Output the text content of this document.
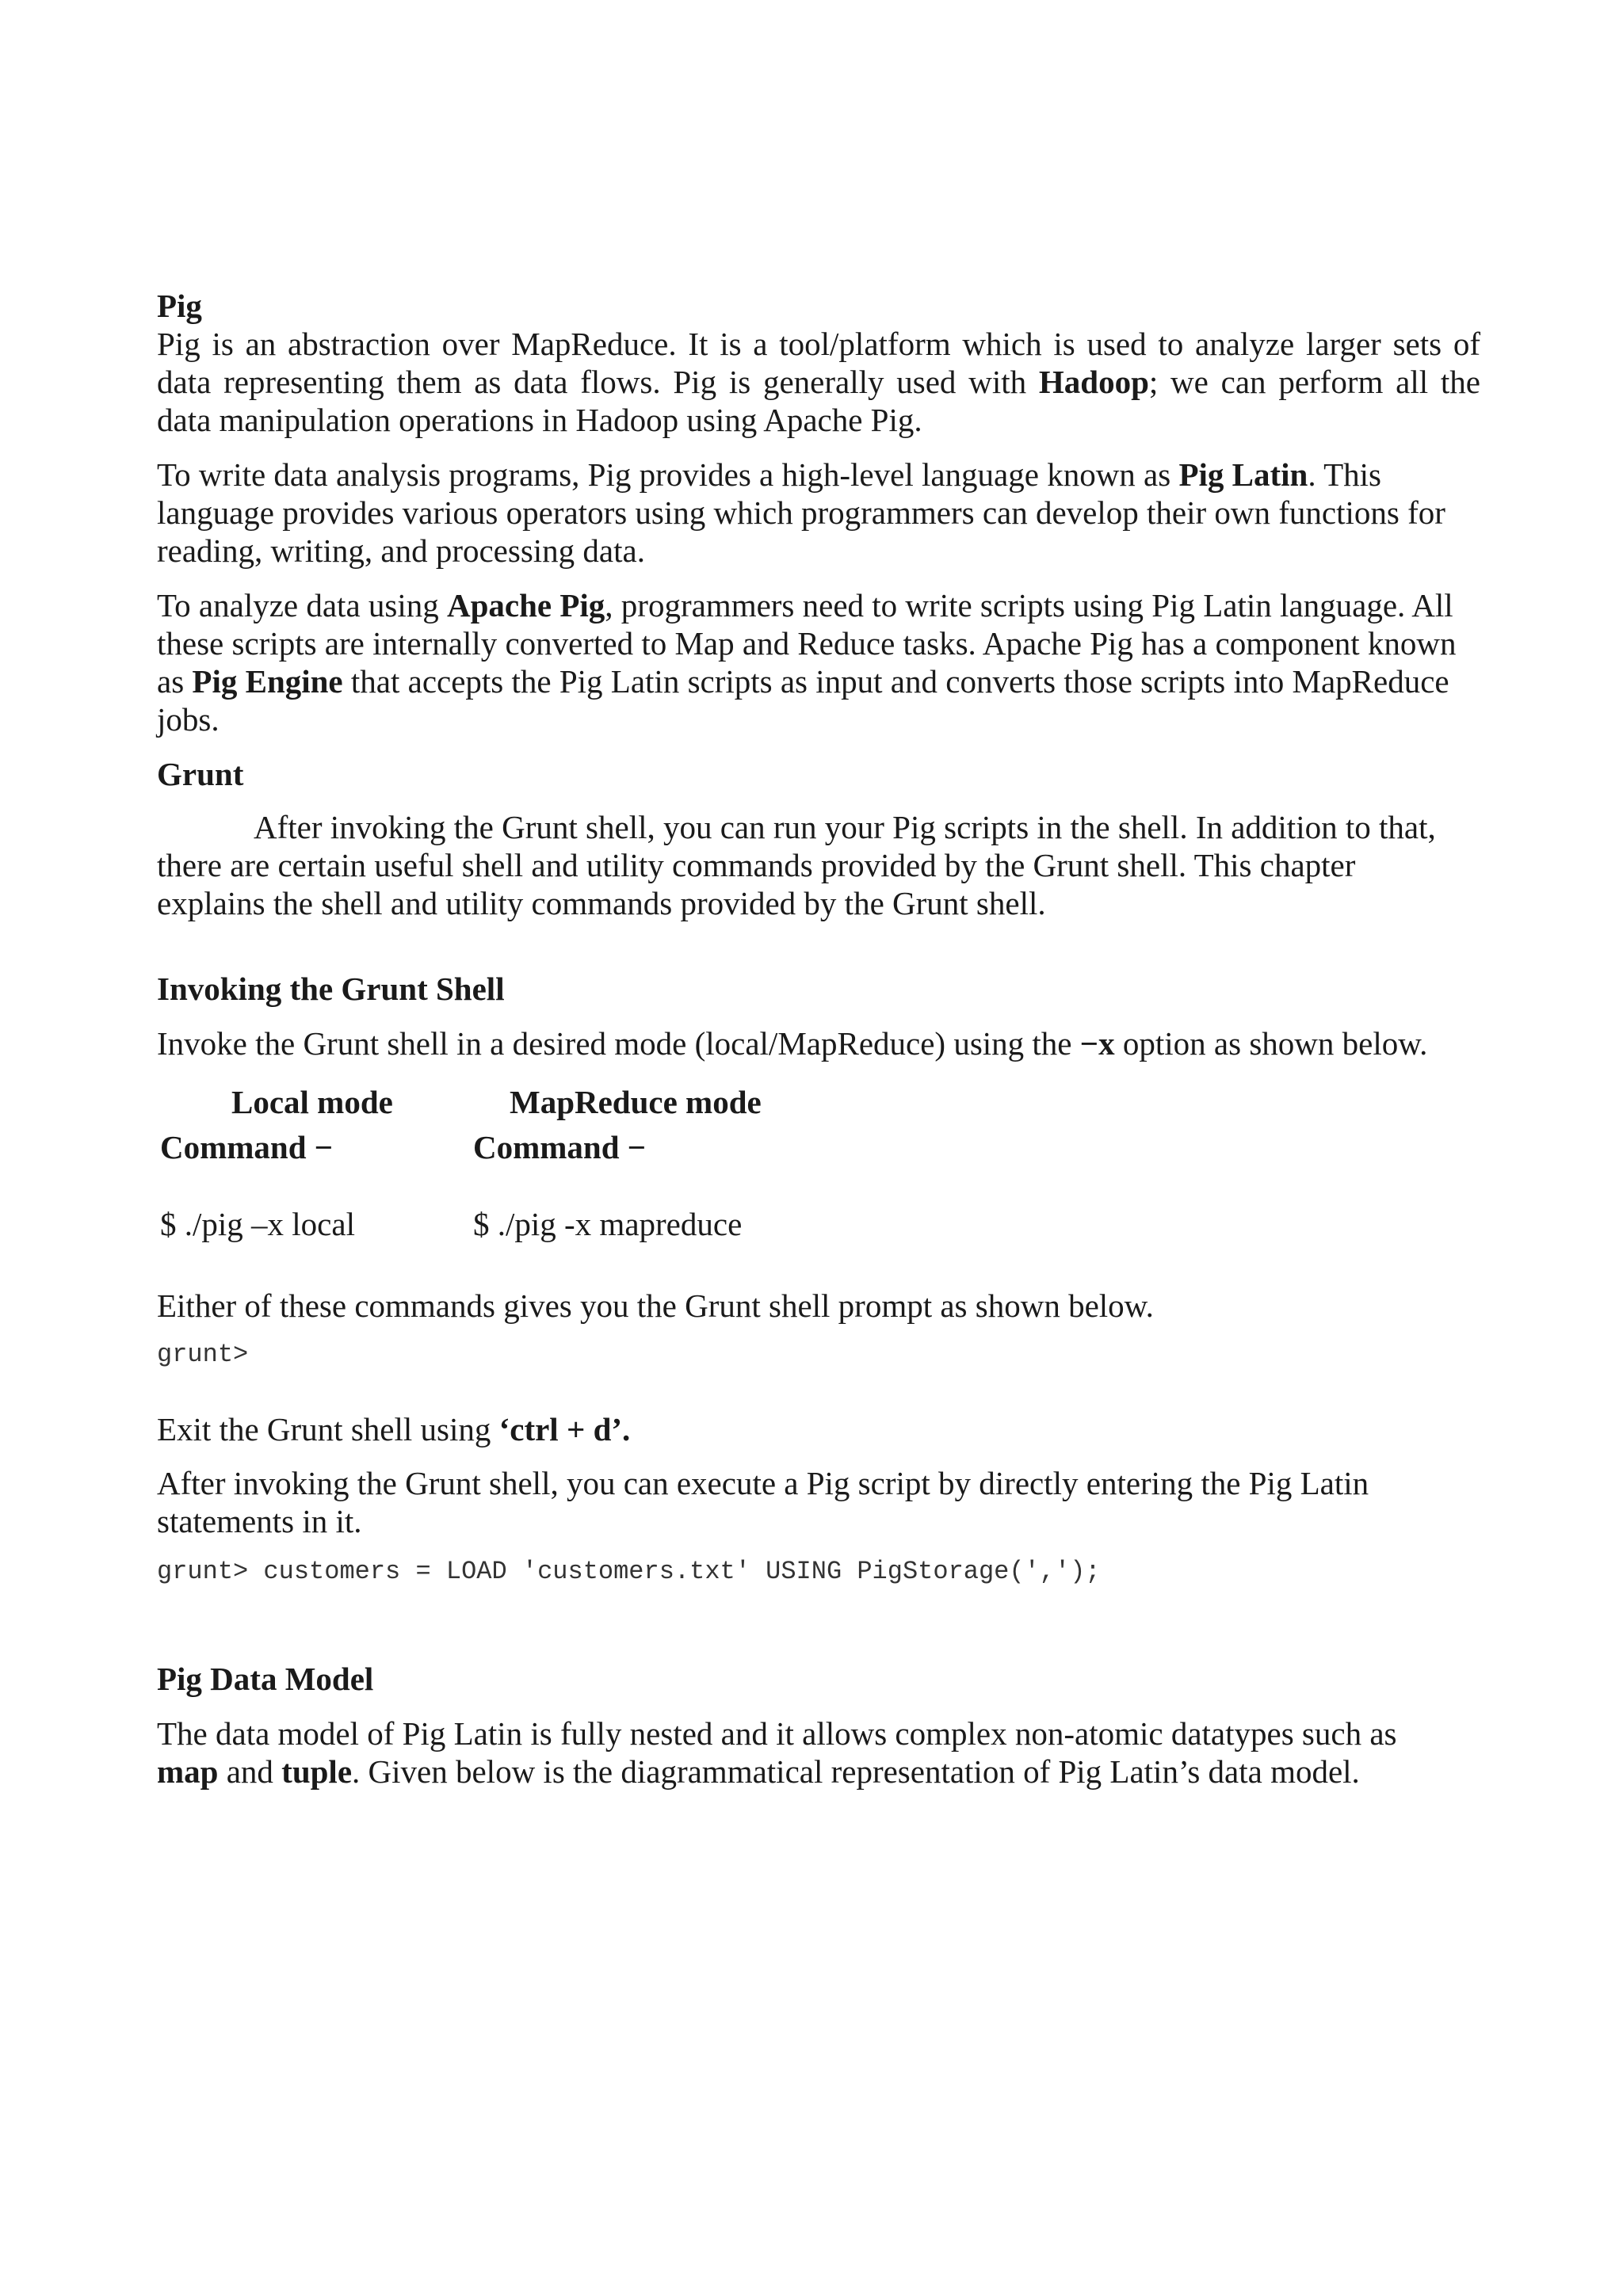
Pig
Pig is an abstraction over MapReduce. It is a tool/platform which is used to analyze larger sets of
data representing them as data flows. Pig is generally used with Hadoop; we can perform all the
data manipulation operations in Hadoop using Apache Pig.
To write data analysis programs, Pig provides a high-level language known as Pig Latin. This
language provides various operators using which programmers can develop their own functions for
reading, writing, and processing data.
To analyze data using Apache Pig, programmers need to write scripts using Pig Latin language. All
these scripts are internally converted to Map and Reduce tasks. Apache Pig has a component known
as Pig Engine that accepts the Pig Latin scripts as input and converts those scripts into MapReduce
jobs.
Grunt
After invoking the Grunt shell, you can run your Pig scripts in the shell. In addition to that,
there are certain useful shell and utility commands provided by the Grunt shell. This chapter
explains the shell and utility commands provided by the Grunt shell.
Invoking the Grunt Shell
Invoke the Grunt shell in a desired mode (local/MapReduce) using the −x option as shown below.
Local mode	MapReduce mode
Command −	Command −
$ ./pig –x local	$ ./pig -x mapreduce
Either of these commands gives you the Grunt shell prompt as shown below.
grunt>
Exit the Grunt shell using ‘ctrl + d’.
After invoking the Grunt shell, you can execute a Pig script by directly entering the Pig Latin
statements in it.
grunt> customers = LOAD 'customers.txt' USING PigStorage(',');
Pig Data Model
The data model of Pig Latin is fully nested and it allows complex non-atomic datatypes such as
map and tuple. Given below is the diagrammatical representation of Pig Latin’s data model.
